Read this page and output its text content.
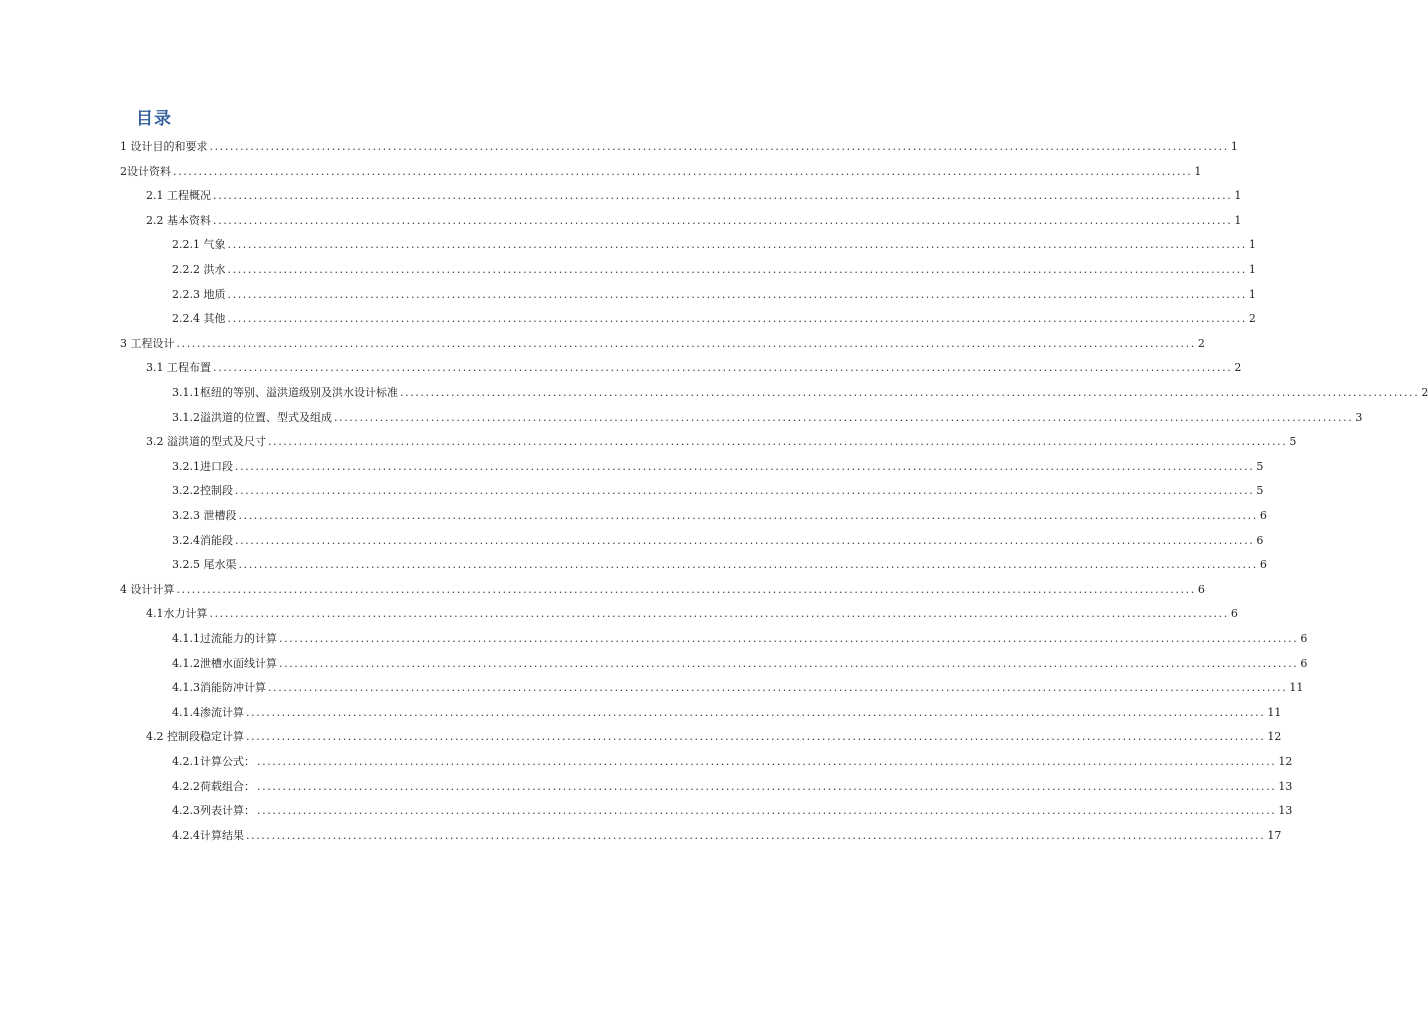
目录
1 设计目的和要求 ........................................................................................................................................................................................................ 1
2设计资料 ........................................................................................................................................................................................................ 1
2.1 工程概况 ........................................................................................................................................................................................................ 1
2.2 基本资料 ........................................................................................................................................................................................................ 1
2.2.1 气象 ........................................................................................................................................................................................................ 1
2.2.2 洪水 ........................................................................................................................................................................................................ 1
2.2.3 地质 ........................................................................................................................................................................................................ 1
2.2.4 其他 ........................................................................................................................................................................................................ 2
3 工程设计 ........................................................................................................................................................................................................ 2
3.1 工程布置 ........................................................................................................................................................................................................ 2
3.1.1枢纽的等别、溢洪道级别及洪水设计标准 ........................................................................................................................................................................................................ 2
3.1.2溢洪道的位置、型式及组成 ........................................................................................................................................................................................................ 3
3.2 溢洪道的型式及尺寸 ........................................................................................................................................................................................................ 5
3.2.1进口段 ........................................................................................................................................................................................................ 5
3.2.2控制段 ........................................................................................................................................................................................................ 5
3.2.3 泄槽段 ........................................................................................................................................................................................................ 6
3.2.4消能段 ........................................................................................................................................................................................................ 6
3.2.5 尾水渠 ........................................................................................................................................................................................................ 6
4 设计计算 ........................................................................................................................................................................................................ 6
4.1水力计算 ........................................................................................................................................................................................................ 6
4.1.1过流能力的计算 ........................................................................................................................................................................................................ 6
4.1.2泄槽水面线计算 ........................................................................................................................................................................................................ 6
4.1.3消能防冲计算 ........................................................................................................................................................................................................ 11
4.1.4渗流计算 ........................................................................................................................................................................................................ 11
4.2 控制段稳定计算 ........................................................................................................................................................................................................ 12
4.2.1计算公式： ........................................................................................................................................................................................................ 12
4.2.2荷载组合： ........................................................................................................................................................................................................ 13
4.2.3列表计算： ........................................................................................................................................................................................................ 13
4.2.4计算结果 ........................................................................................................................................................................................................ 17
